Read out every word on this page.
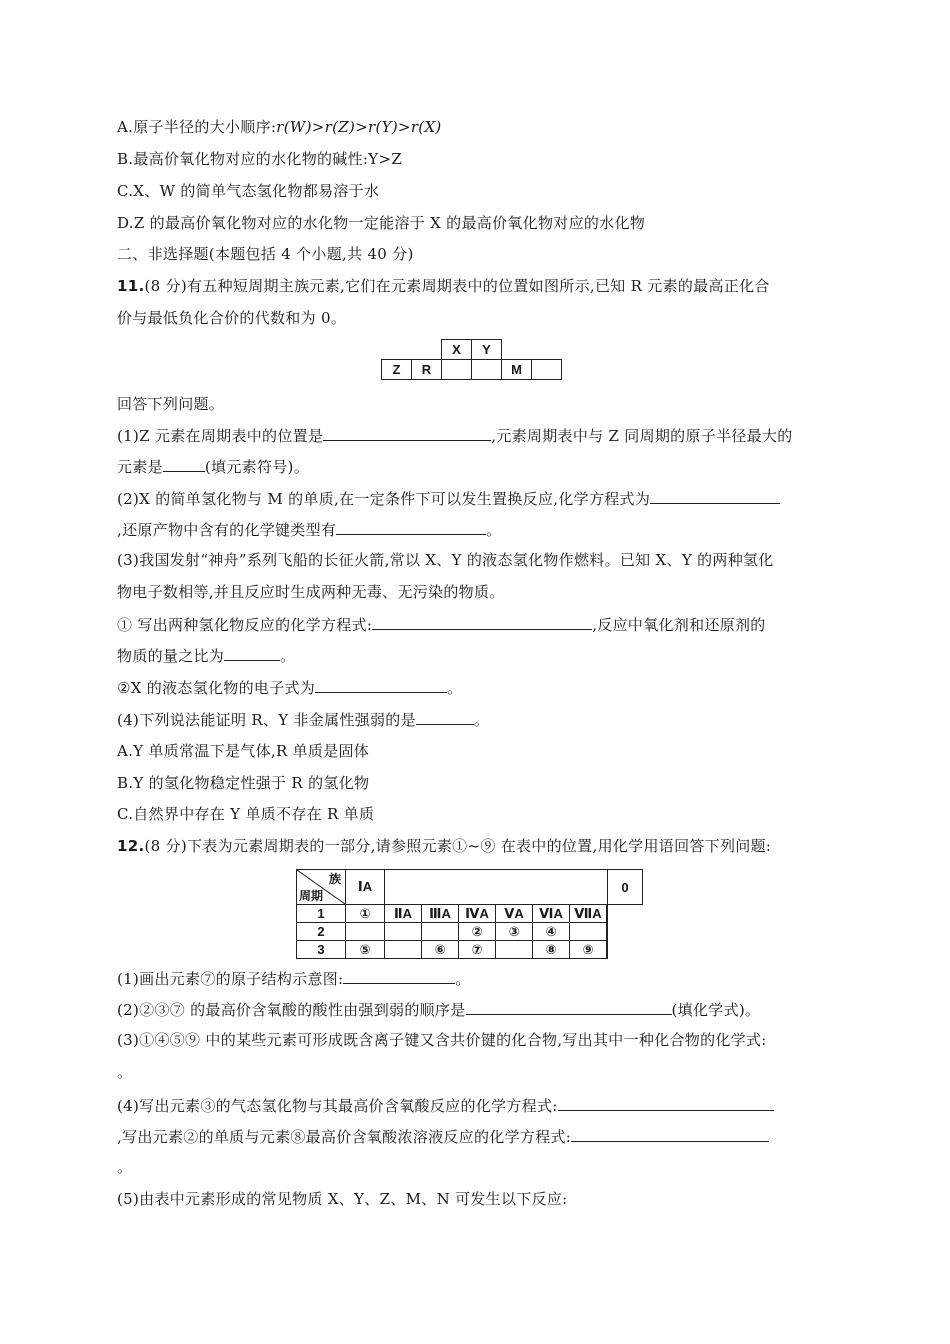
A.原子半径的大小顺序:r(W)>r(Z)>r(Y)>r(X)
B.最高价氧化物对应的水化物的碱性:Y>Z
C.X、W 的简单气态氢化物都易溶于水
D.Z 的最高价氧化物对应的水化物一定能溶于 X 的最高价氧化物对应的水化物
二、非选择题(本题包括 4 个小题,共 40 分)
11.(8 分)有五种短周期主族元素,它们在元素周期表中的位置如图所示,已知 R 元素的最高正化合
价与最低负化合价的代数和为 0。
		X	Y		
Z	R			M	
回答下列问题。
(1)Z 元素在周期表中的位置是	,元素周期表中与 Z 同周期的原子半径最大的
元素是	(填元素符号)。
(2)X 的简单氢化物与 M 的单质,在一定条件下可以发生置换反应,化学方程式为
,还原产物中含有的化学键类型有	。
(3)我国发射“神舟”系列飞船的长征火箭,常以 X、Y 的液态氢化物作燃料。已知 X、Y 的两种氢化
物电子数相等,并且反应时生成两种无毒、无污染的物质。
① 写出两种氢化物反应的化学方程式:	,反应中氧化剂和还原剂的
物质的量之比为	。
②X 的液态氢化物的电子式为	。
(4)下列说法能证明 R、Y 非金属性强弱的是	。
A.Y 单质常温下是气体,R 单质是固体
B.Y 的氢化物稳定性强于 R 的氢化物
C.自然界中存在 Y 单质不存在 R 单质
12.(8 分)下表为元素周期表的一部分,请参照元素①~⑨ 在表中的位置,用化学用语回答下列问题:
族
周期	ⅠA							0
1	①	ⅡA	ⅢA	ⅣA	ⅤA	ⅥA	ⅦA	
2				②	③	④		
3	⑤		⑥	⑦		⑧	⑨	
(1)画出元素⑦的原子结构示意图:	。
(2)②③⑦ 的最高价含氧酸的酸性由强到弱的顺序是	(填化学式)。
(3)①④⑤⑨ 中的某些元素可形成既含离子键又含共价键的化合物,写出其中一种化合物的化学式:
。
(4)写出元素③的气态氢化物与其最高价含氧酸反应的化学方程式:
,写出元素②的单质与元素⑧最高价含氧酸浓溶液反应的化学方程式:
。
(5)由表中元素形成的常见物质 X、Y、Z、M、N 可发生以下反应:
